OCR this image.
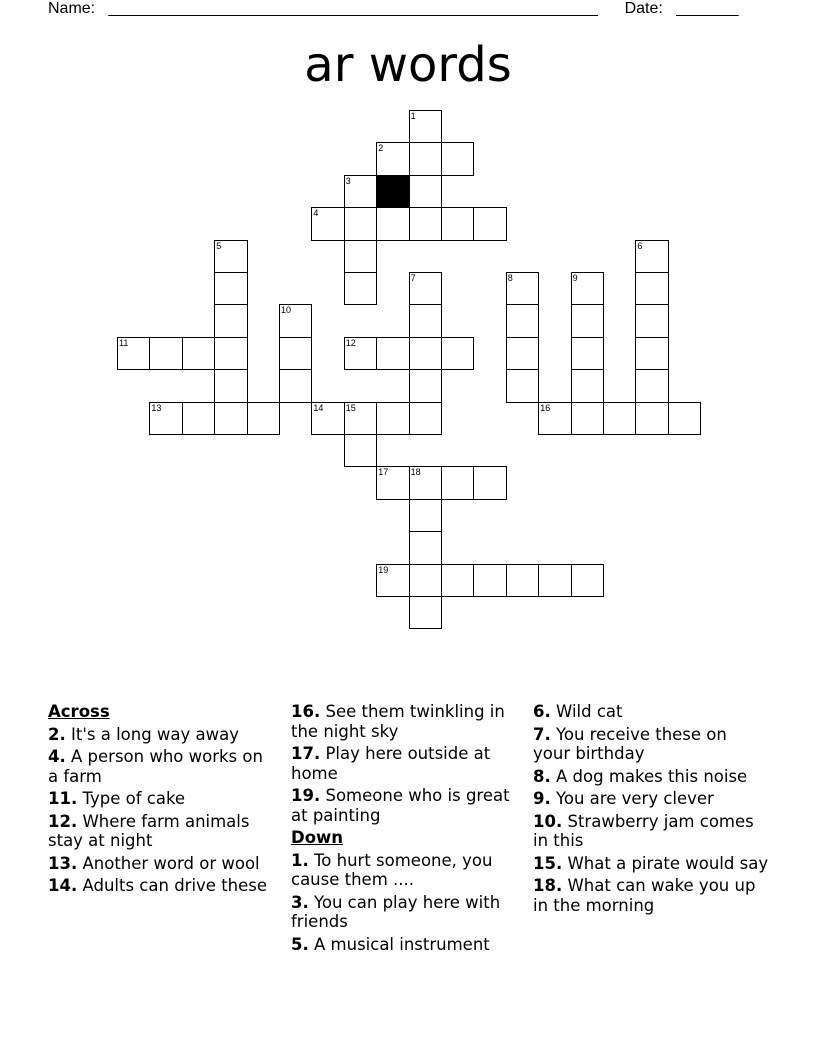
Name: _______________________________________________________ Date: _______
ar words
1
2
3
4
5	6
7	8	9
10
11	12
13	14 15	16
17 18
19
Across
2. It's a long way away
4. A person who works on a farm
11. Type of cake
12. Where farm animals stay at night
13. Another word or wool
14. Adults can drive these
16. See them twinkling in the night sky
17. Play here outside at home
19. Someone who is great at painting
Down
1. To hurt someone, you cause them ....
3. You can play here with friends
5. A musical instrument
6. Wild cat
7. You receive these on your birthday
8. A dog makes this noise
9. You are very clever
10. Strawberry jam comes in this
15. What a pirate would say
18. What can wake you up in the morning
